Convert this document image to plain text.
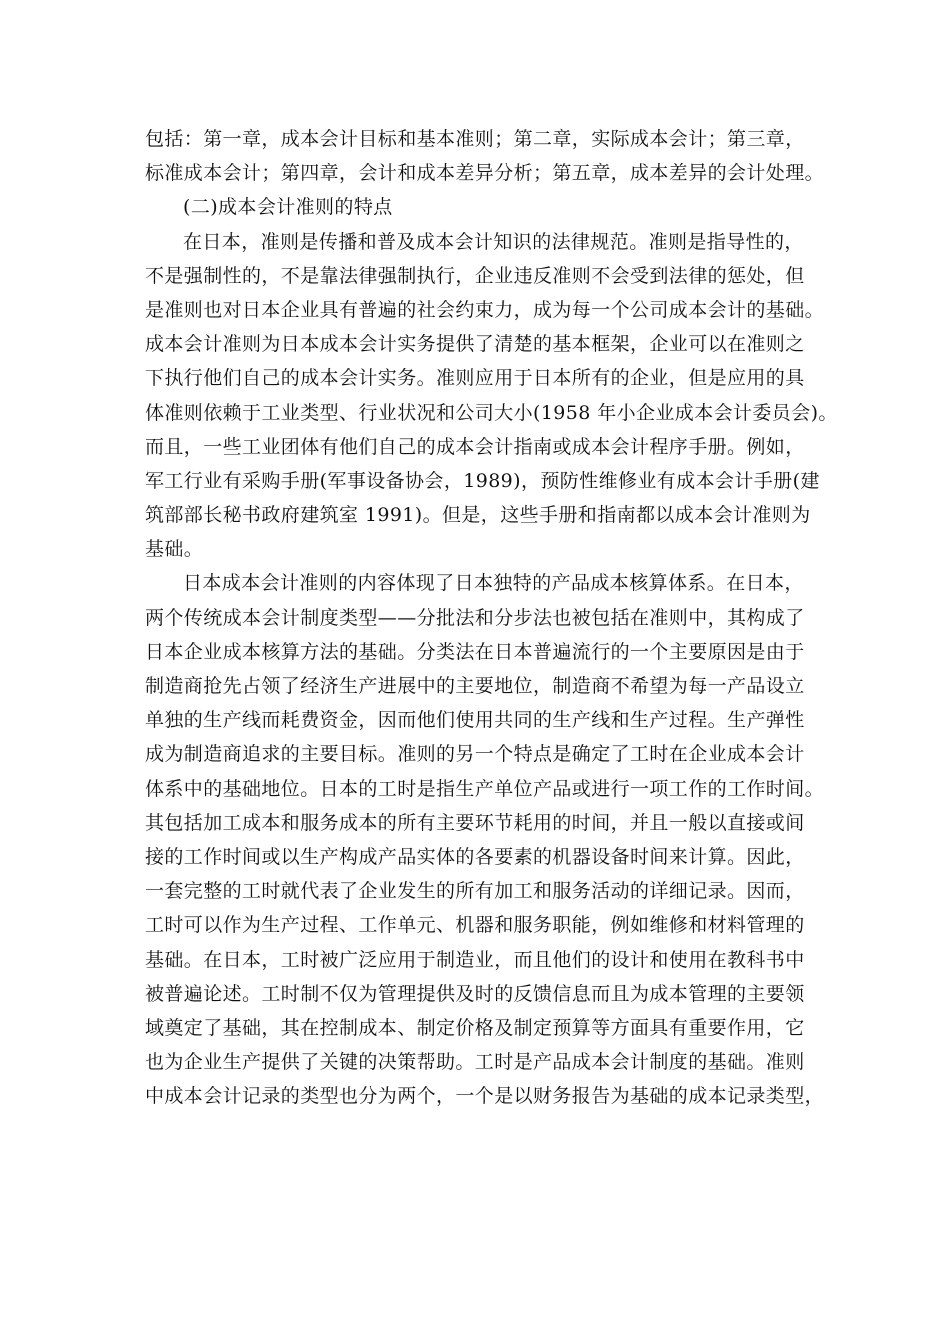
包括：第一章，成本会计目标和基本准则；第二章，实际成本会计；第三章，
标准成本会计；第四章，会计和成本差异分析；第五章，成本差异的会计处理。
(二)成本会计准则的特点
在日本，准则是传播和普及成本会计知识的法律规范。准则是指导性的，
不是强制性的，不是靠法律强制执行，企业违反准则不会受到法律的惩处，但
是准则也对日本企业具有普遍的社会约束力，成为每一个公司成本会计的基础。
成本会计准则为日本成本会计实务提供了清楚的基本框架，企业可以在准则之
下执行他们自己的成本会计实务。准则应用于日本所有的企业，但是应用的具
体准则依赖于工业类型、行业状况和公司大小(1958 年小企业成本会计委员会)。
而且，一些工业团体有他们自己的成本会计指南或成本会计程序手册。例如，
军工行业有采购手册(军事设备协会，1989)，预防性维修业有成本会计手册(建
筑部部长秘书政府建筑室 1991)。但是，这些手册和指南都以成本会计准则为
基础。
日本成本会计准则的内容体现了日本独特的产品成本核算体系。在日本，
两个传统成本会计制度类型——分批法和分步法也被包括在准则中，其构成了
日本企业成本核算方法的基础。分类法在日本普遍流行的一个主要原因是由于
制造商抢先占领了经济生产进展中的主要地位，制造商不希望为每一产品设立
单独的生产线而耗费资金，因而他们使用共同的生产线和生产过程。生产弹性
成为制造商追求的主要目标。准则的另一个特点是确定了工时在企业成本会计
体系中的基础地位。日本的工时是指生产单位产品或进行一项工作的工作时间。
其包括加工成本和服务成本的所有主要环节耗用的时间，并且一般以直接或间
接的工作时间或以生产构成产品实体的各要素的机器设备时间来计算。因此，
一套完整的工时就代表了企业发生的所有加工和服务活动的详细记录。因而，
工时可以作为生产过程、工作单元、机器和服务职能，例如维修和材料管理的
基础。在日本，工时被广泛应用于制造业，而且他们的设计和使用在教科书中
被普遍论述。工时制不仅为管理提供及时的反馈信息而且为成本管理的主要领
域奠定了基础，其在控制成本、制定价格及制定预算等方面具有重要作用，它
也为企业生产提供了关键的决策帮助。工时是产品成本会计制度的基础。准则
中成本会计记录的类型也分为两个，一个是以财务报告为基础的成本记录类型，
